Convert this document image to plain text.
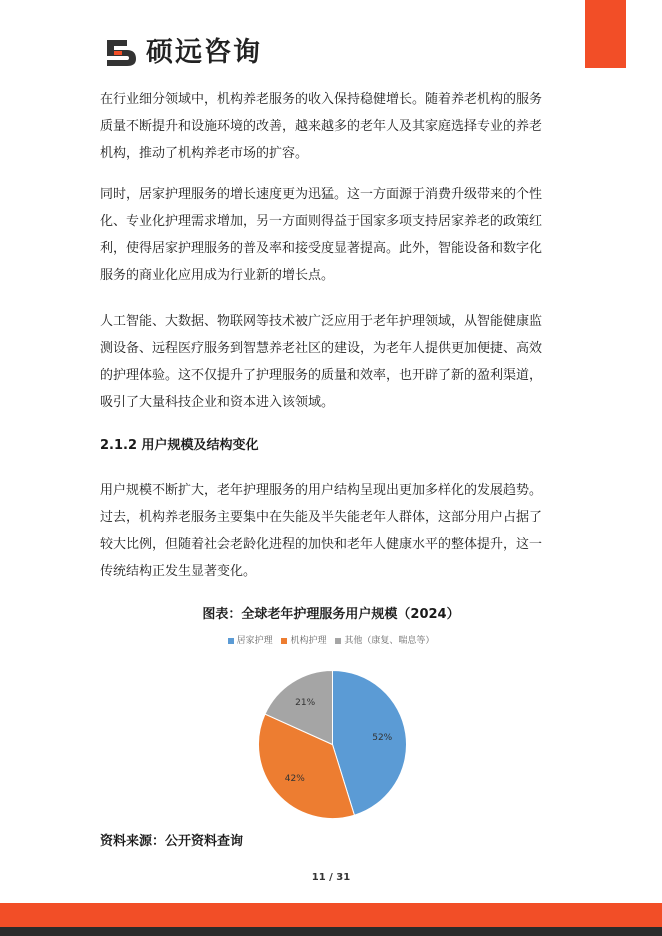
硕远咨询

在行业细分领域中，机构养老服务的收入保持稳健增长。随着养老机构的服务
质量不断提升和设施环境的改善，越来越多的老年人及其家庭选择专业的养老
机构，推动了机构养老市场的扩容。

同时，居家护理服务的增长速度更为迅猛。这一方面源于消费升级带来的个性
化、专业化护理需求增加，另一方面则得益于国家多项支持居家养老的政策红
利，使得居家护理服务的普及率和接受度显著提高。此外，智能设备和数字化
服务的商业化应用成为行业新的增长点。

人工智能、大数据、物联网等技术被广泛应用于老年护理领域，从智能健康监
测设备、远程医疗服务到智慧养老社区的建设，为老年人提供更加便捷、高效
的护理体验。这不仅提升了护理服务的质量和效率，也开辟了新的盈利渠道，
吸引了大量科技企业和资本进入该领域。

2.1.2 用户规模及结构变化

用户规模不断扩大，老年护理服务的用户结构呈现出更加多样化的发展趋势。
过去，机构养老服务主要集中在失能及半失能老年人群体，这部分用户占据了
较大比例，但随着社会老龄化进程的加快和老年人健康水平的整体提升，这一
传统结构正发生显著变化。

图表：全球老年护理服务用户规模（2024）
居家护理
机构护理
其他（康复、喘息等）
52%
42%
21%
资料来源：公开资料查询
11 / 31
